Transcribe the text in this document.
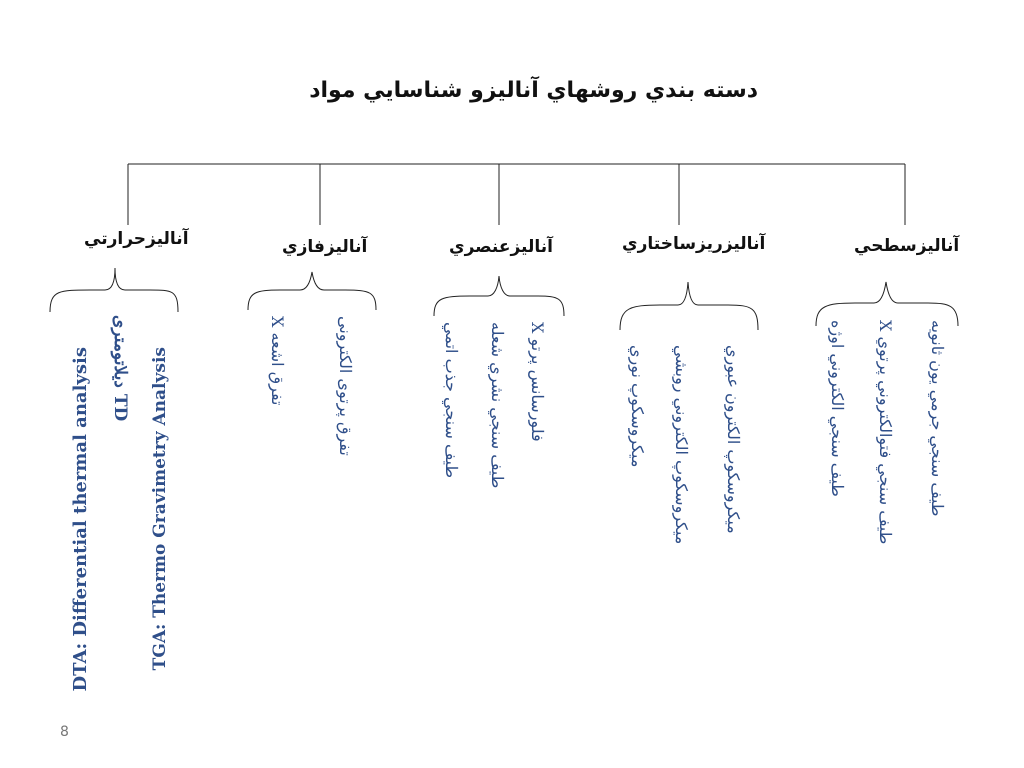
دسته بندي روشهاي آناليزو شناسايي مواد
آناليزحرارتي	آناليزفازي	آناليزعنصري	آناليزريزساختاري	آناليزسطحي
DTA: Differential thermal analysis TD دیلاتومتری TGA: Thermo Gravimetry Analysis
تفرق اشعه X	تفرق پرتوی الکترونی	طيف سنجي جذب اتمي طيف سنجي نشري شعله فلورسانس پرتو X	ميكروسكوپ نوري ميكروسكوپ الكتروني روبشي ميكروسكوپ الكترون عبوري	طيف سنجي الكتروني اوژه طيف سنجي فتوالكتروني پرتوي X طيف سنجي جرمي يون ثانويه
8
